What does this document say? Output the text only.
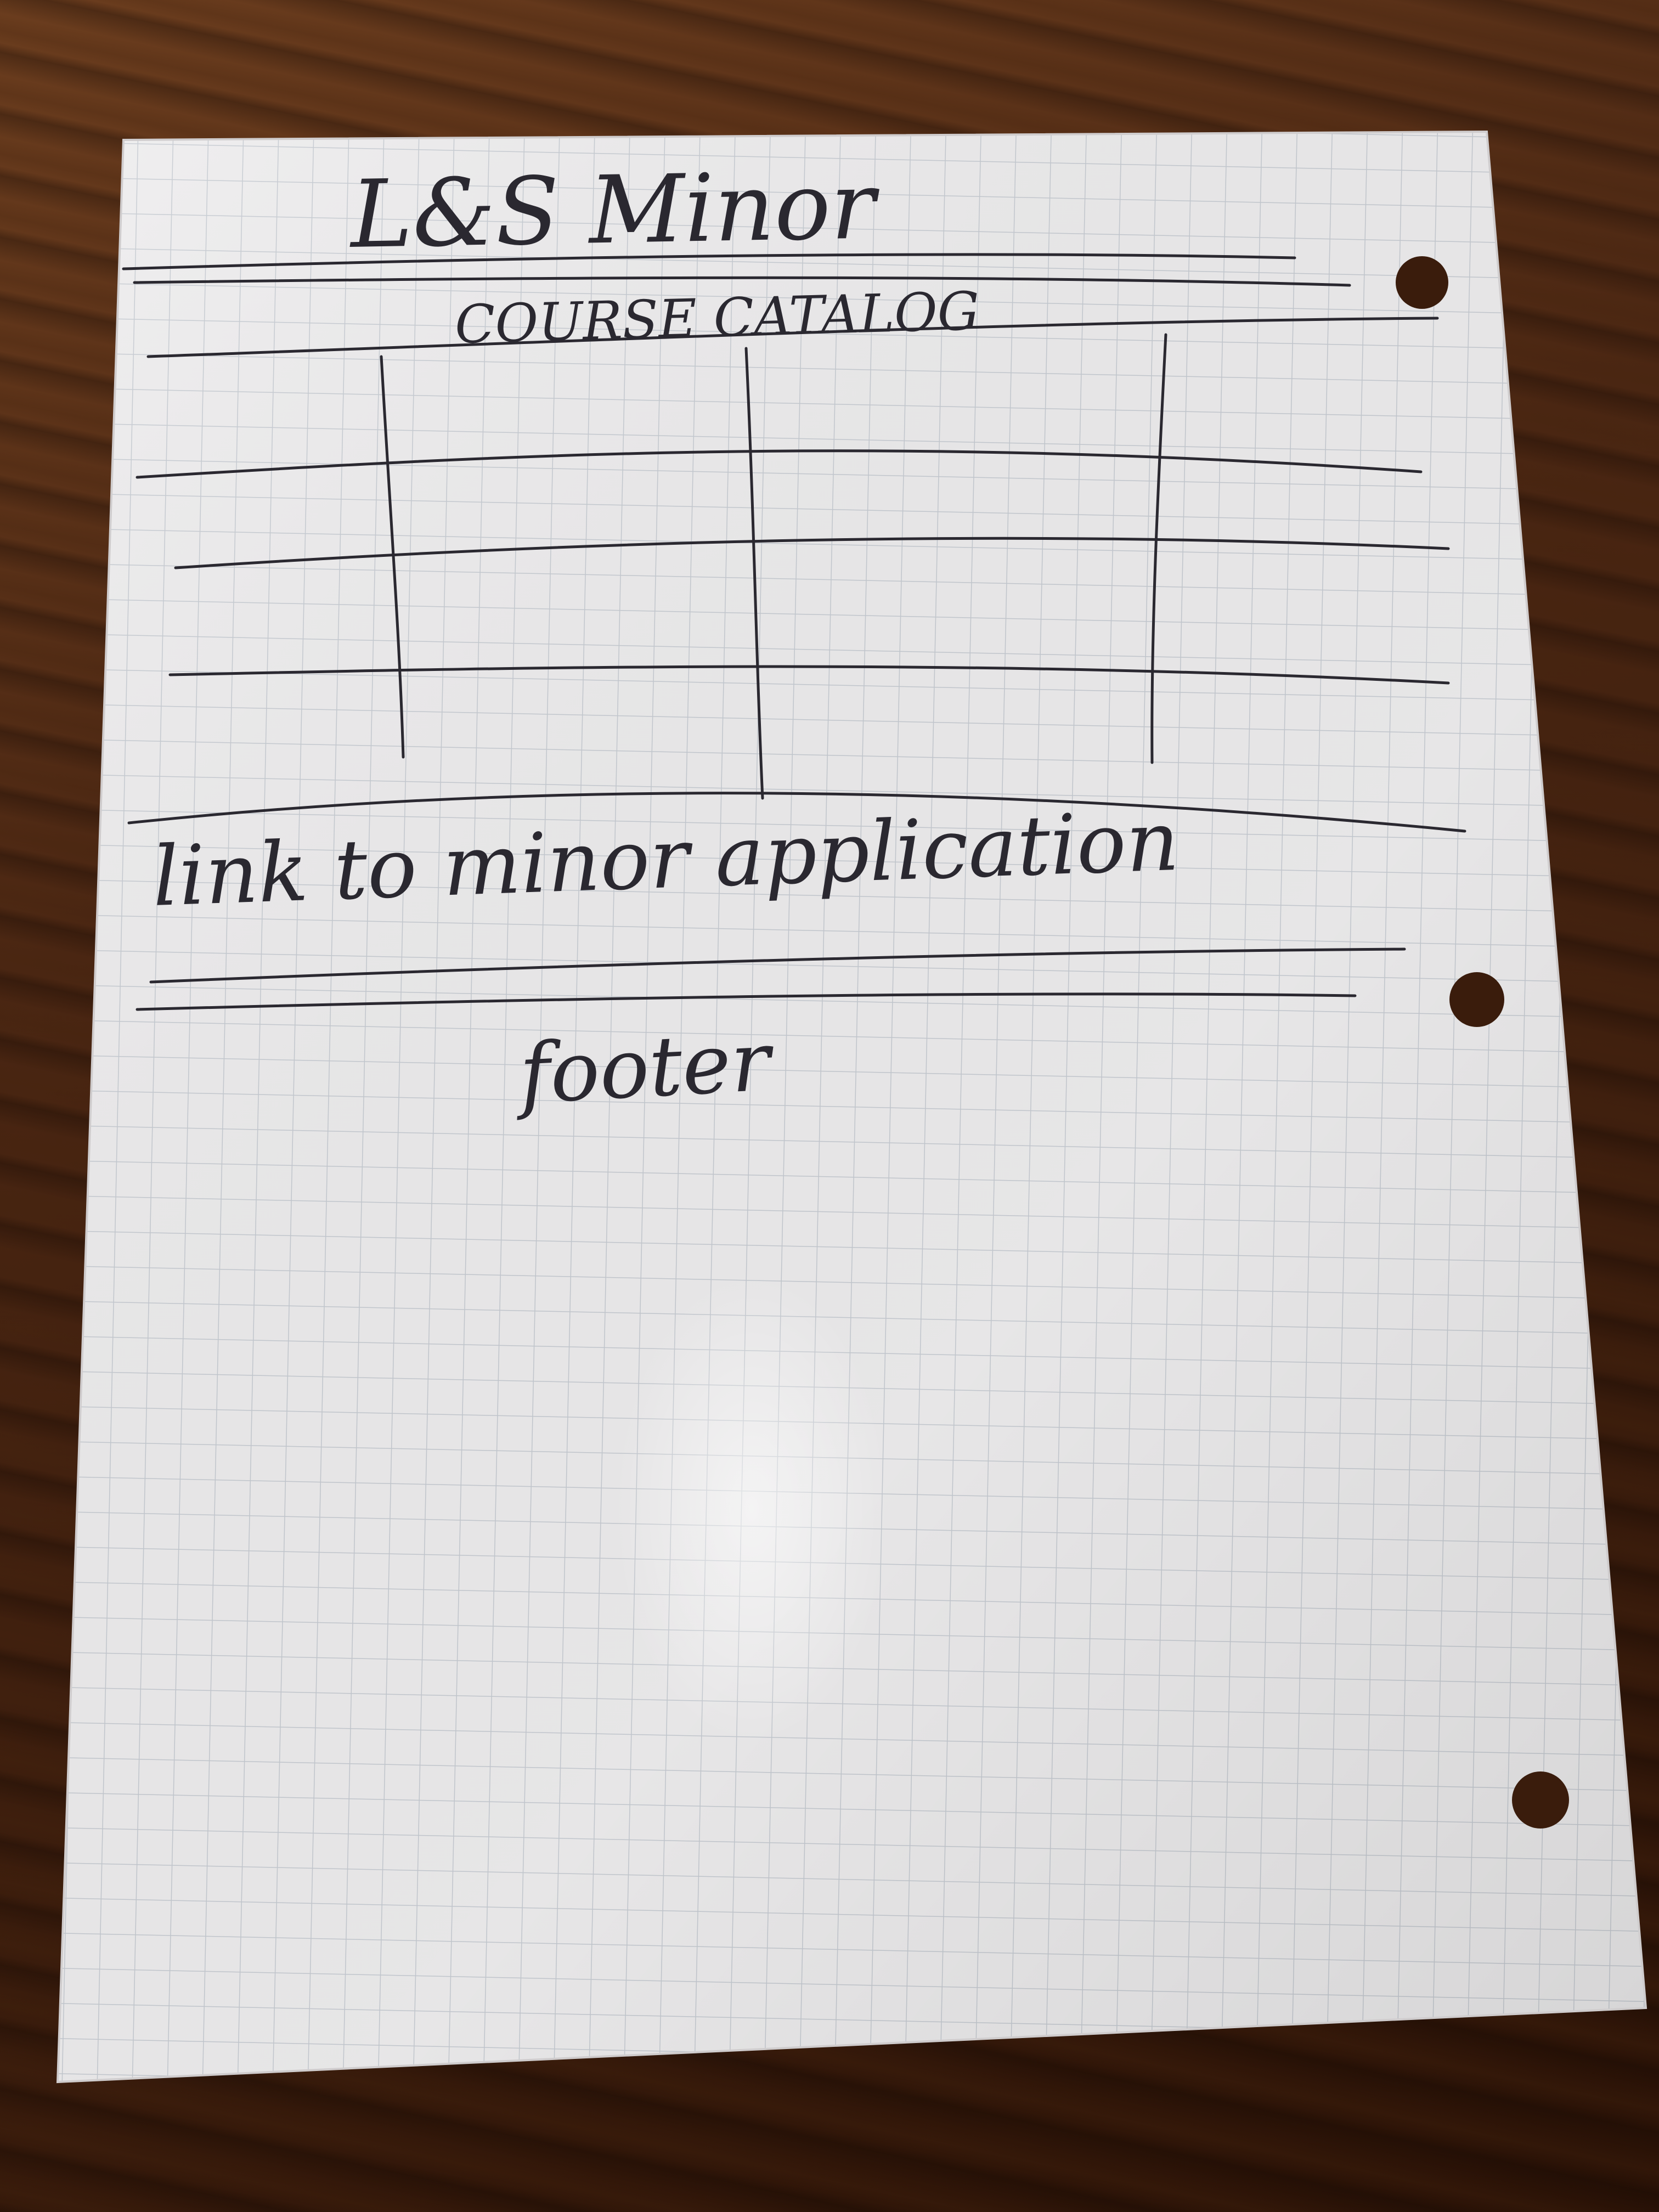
L&S Minor
COURSE CATALOG
link to minor application
footer
